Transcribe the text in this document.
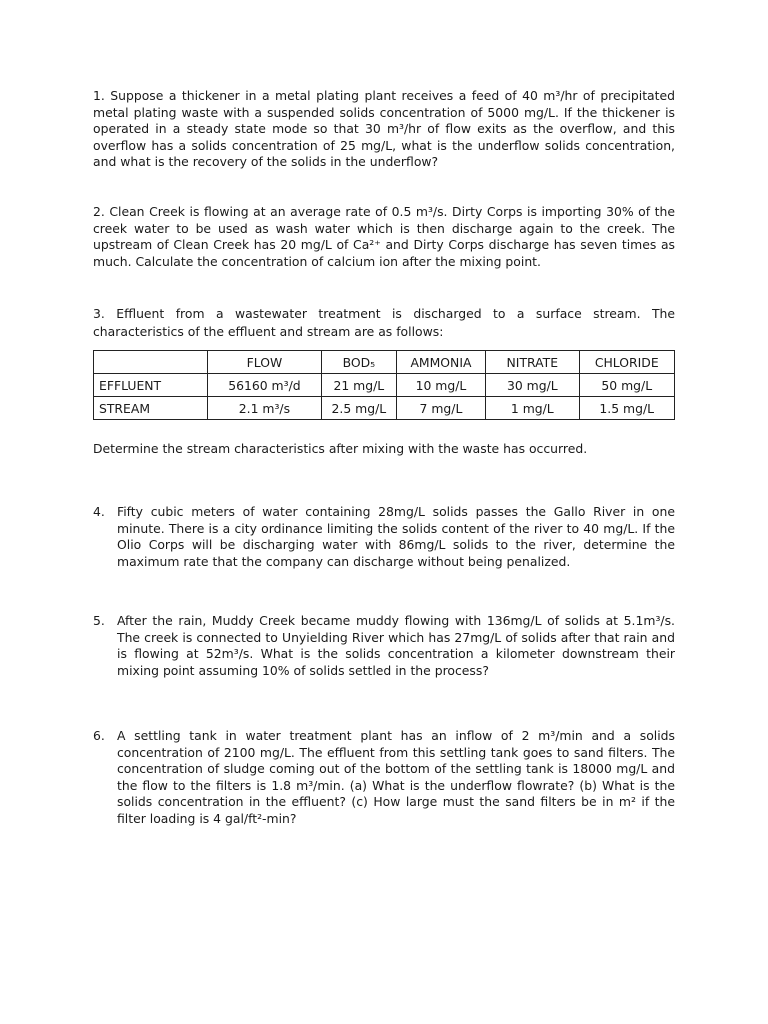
1. Suppose a thickener in a metal plating plant receives a feed of 40 m³/hr of precipitated metal plating waste with a suspended solids concentration of 5000 mg/L. If the thickener is operated in a steady state mode so that 30 m³/hr of flow exits as the overflow, and this overflow has a solids concentration of 25 mg/L, what is the underflow solids concentration, and what is the recovery of the solids in the underflow?

2. Clean Creek is flowing at an average rate of 0.5 m³/s. Dirty Corps is importing 30% of the creek water to be used as wash water which is then discharge again to the creek. The upstream of Clean Creek has 20 mg/L of Ca²⁺ and Dirty Corps discharge has seven times as much. Calculate the concentration of calcium ion after the mixing point.

3. Effluent from a wastewater treatment is discharged to a surface stream. The characteristics of the effluent and stream are as follows:

	FLOW	BOD₅	AMMONIA	NITRATE	CHLORIDE
EFFLUENT	56160 m³/d	21 mg/L	10 mg/L	30 mg/L	50 mg/L
STREAM	2.1 m³/s	2.5 mg/L	7 mg/L	1 mg/L	1.5 mg/L

Determine the stream characteristics after mixing with the waste has occurred.

4. Fifty cubic meters of water containing 28mg/L solids passes the Gallo River in one minute. There is a city ordinance limiting the solids content of the river to 40 mg/L. If the Olio Corps will be discharging water with 86mg/L solids to the river, determine the maximum rate that the company can discharge without being penalized.
5. After the rain, Muddy Creek became muddy flowing with 136mg/L of solids at 5.1m³/s. The creek is connected to Unyielding River which has 27mg/L of solids after that rain and is flowing at 52m³/s. What is the solids concentration a kilometer downstream their mixing point assuming 10% of solids settled in the process?
6. A settling tank in water treatment plant has an inflow of 2 m³/min and a solids concentration of 2100 mg/L. The effluent from this settling tank goes to sand filters. The concentration of sludge coming out of the bottom of the settling tank is 18000 mg/L and the flow to the filters is 1.8 m³/min. (a) What is the underflow flowrate? (b) What is the solids concentration in the effluent? (c) How large must the sand filters be in m² if the filter loading is 4 gal/ft²-min?
